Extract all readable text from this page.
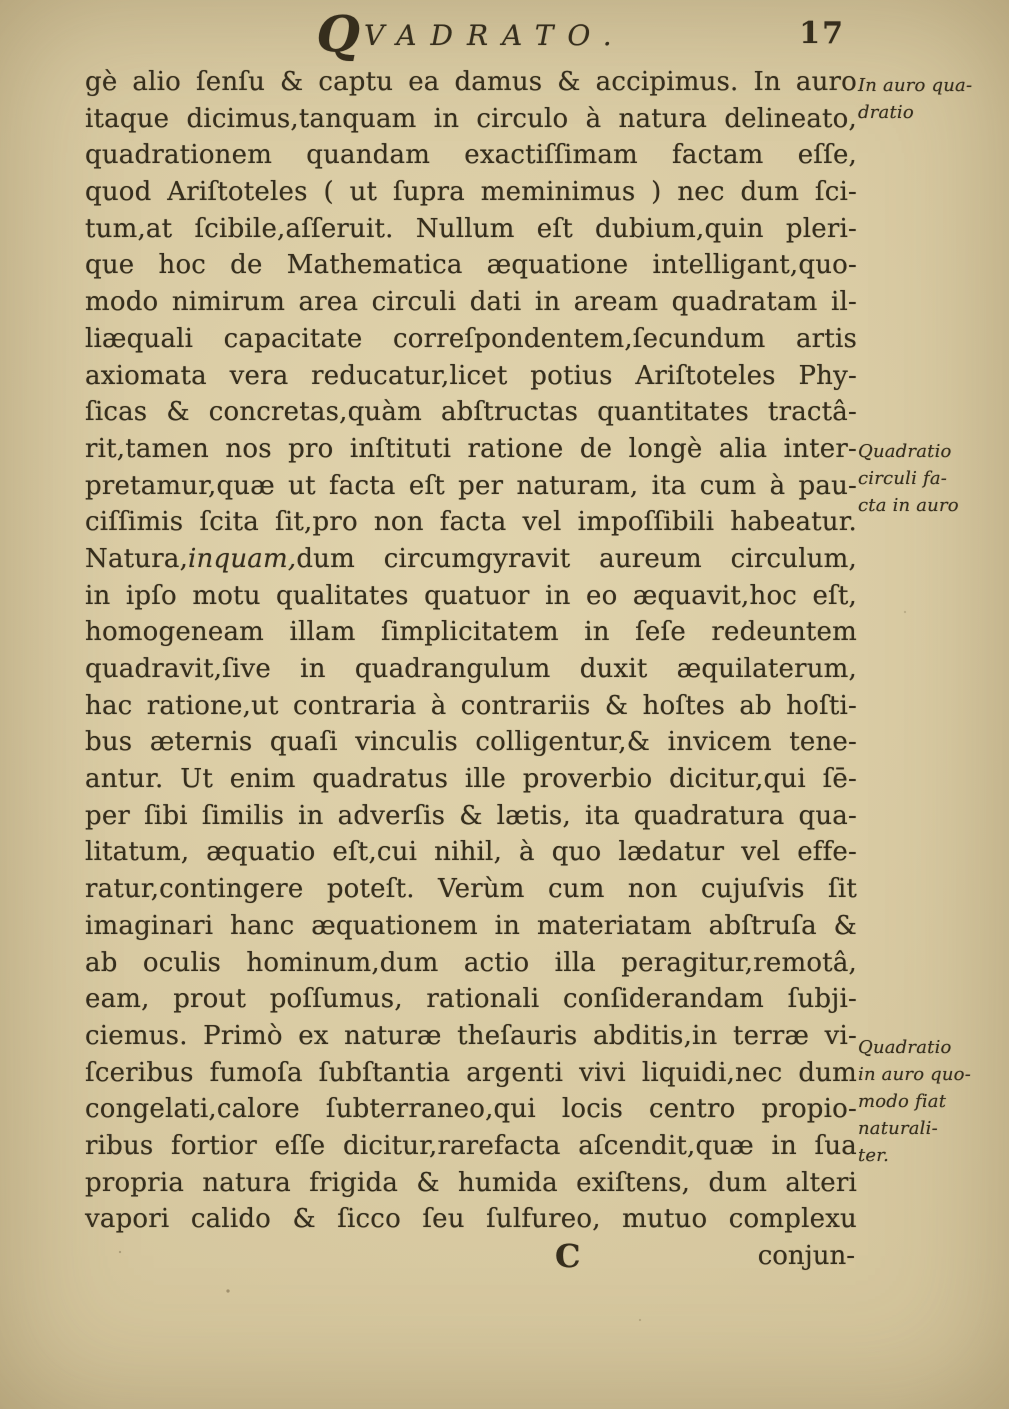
QVADRATO.	17
gè alio ſenſu & captu ea damus & accipimus. In auro
itaque dicimus,tanquam in circulo à natura delineato,
quadrationem quandam exactiſſimam factam eſſe,
quod Ariſtoteles ( ut ſupra meminimus ) nec dum ſci-
tum,at ſcibile,aſſeruit. Nullum eſt dubium,quin pleri-
que hoc de Mathematica æquatione intelligant,quo-
modo nimirum area circuli dati in aream quadratam il-
liæquali capacitate correſpondentem,ſecundum artis
axiomata vera reducatur,licet potius Ariſtoteles Phy-
ſicas & concretas,quàm abſtructas quantitates tractâ-
rit,tamen nos pro inſtituti ratione de longè alia inter-
pretamur,quæ ut facta eſt per naturam, ita cum à pau-
ciſſimis ſcita ſit,pro non facta vel impoſſibili habeatur.
Natura,inquam,dum circumgyravit aureum circulum,
in ipſo motu qualitates quatuor in eo æquavit,hoc eſt,
homogeneam illam ſimplicitatem in ſeſe redeuntem
quadravit,ſive in quadrangulum duxit æquilaterum,
hac ratione,ut contraria à contrariis & hoſtes ab hoſti-
bus æternis quaſi vinculis colligentur,& invicem tene-
antur. Ut enim quadratus ille proverbio dicitur,qui ſē-
per ſibi ſimilis in adverſis & lætis, ita quadratura qua-
litatum, æquatio eſt,cui nihil, à quo lædatur vel effe-
ratur,contingere poteſt. Verùm cum non cujuſvis ſit
imaginari hanc æquationem in materiatam abſtruſa &
ab oculis hominum,dum actio illa peragitur,remotâ,
eam, prout poſſumus, rationali conſiderandam ſubji-
ciemus. Primò ex naturæ theſauris abditis,in terræ vi-
ſceribus fumoſa ſubſtantia argenti vivi liquidi,nec dum
congelati,calore ſubterraneo,qui locis centro propio-
ribus fortior eſſe dicitur,rarefacta aſcendit,quæ in ſua
propria natura frigida & humida exiſtens, dum alteri
vapori calido & ſicco ſeu ſulfureo, mutuo complexu
In auro qua-
dratio
Quadratio
circuli fa-
cta in auro
Quadratio
in auro quo-
modo fiat
naturali-
ter.
C	conjun-
